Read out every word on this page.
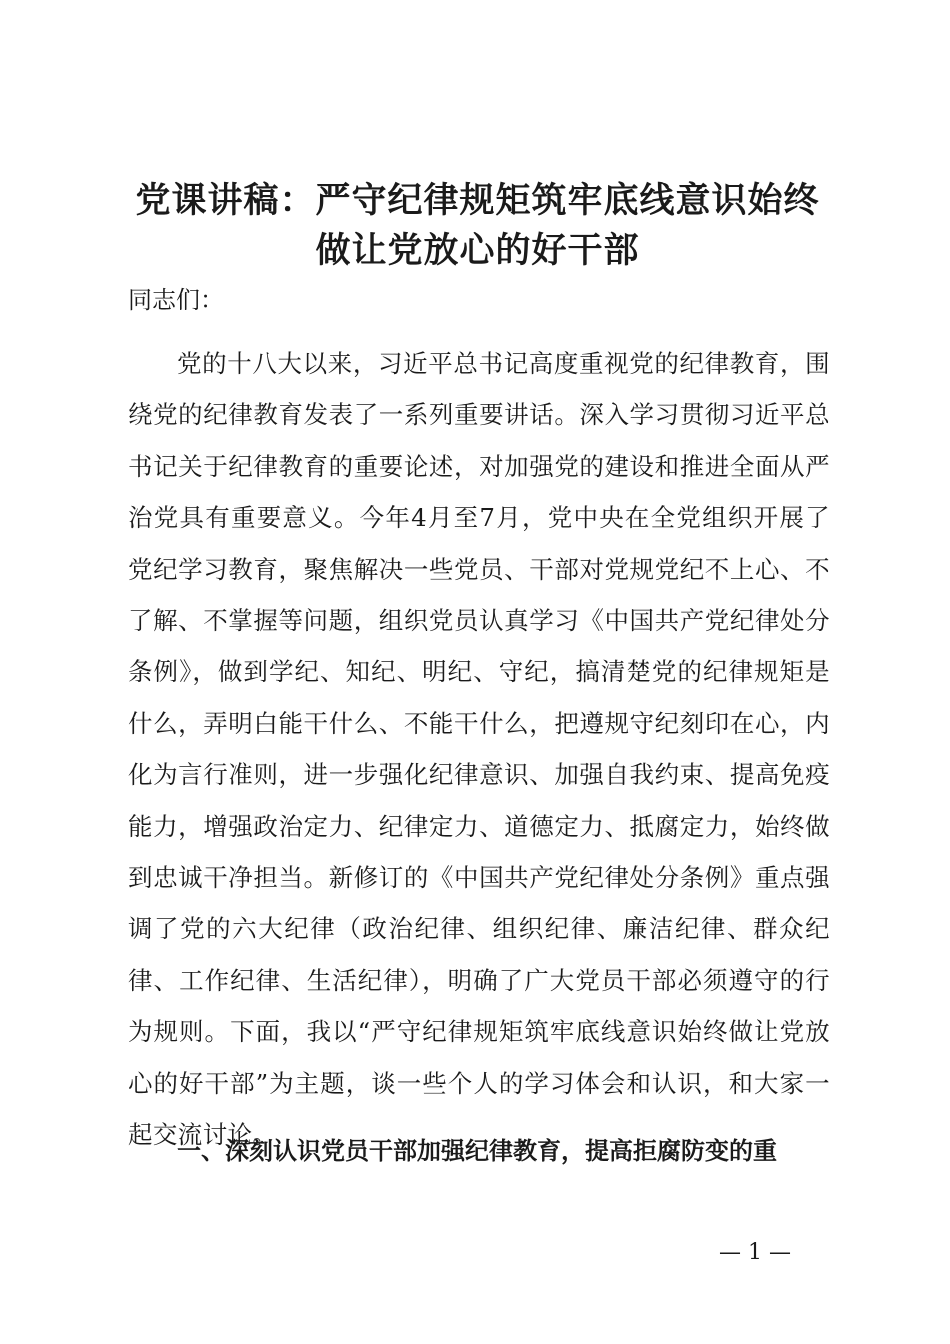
党课讲稿：严守纪律规矩筑牢底线意识始终做让党放心的好干部

同志们：

党的十八大以来，习近平总书记高度重视党的纪律教育，围绕党的纪律教育发表了一系列重要讲话。深入学习贯彻习近平总书记关于纪律教育的重要论述，对加强党的建设和推进全面从严治党具有重要意义。今年4月至7月，党中央在全党组织开展了党纪学习教育，聚焦解决一些党员、干部对党规党纪不上心、不了解、不掌握等问题，组织党员认真学习《中国共产党纪律处分条例》，做到学纪、知纪、明纪、守纪，搞清楚党的纪律规矩是什么，弄明白能干什么、不能干什么，把遵规守纪刻印在心，内化为言行准则，进一步强化纪律意识、加强自我约束、提高免疫能力，增强政治定力、纪律定力、道德定力、抵腐定力，始终做到忠诚干净担当。新修订的《中国共产党纪律处分条例》重点强调了党的六大纪律（政治纪律、组织纪律、廉洁纪律、群众纪律、工作纪律、生活纪律），明确了广大党员干部必须遵守的行为规则。下面，我以“严守纪律规矩筑牢底线意识始终做让党放心的好干部”为主题，谈一些个人的学习体会和认识，和大家一起交流讨论。

一、深刻认识党员干部加强纪律教育，提高拒腐防变的重

— 1 —
